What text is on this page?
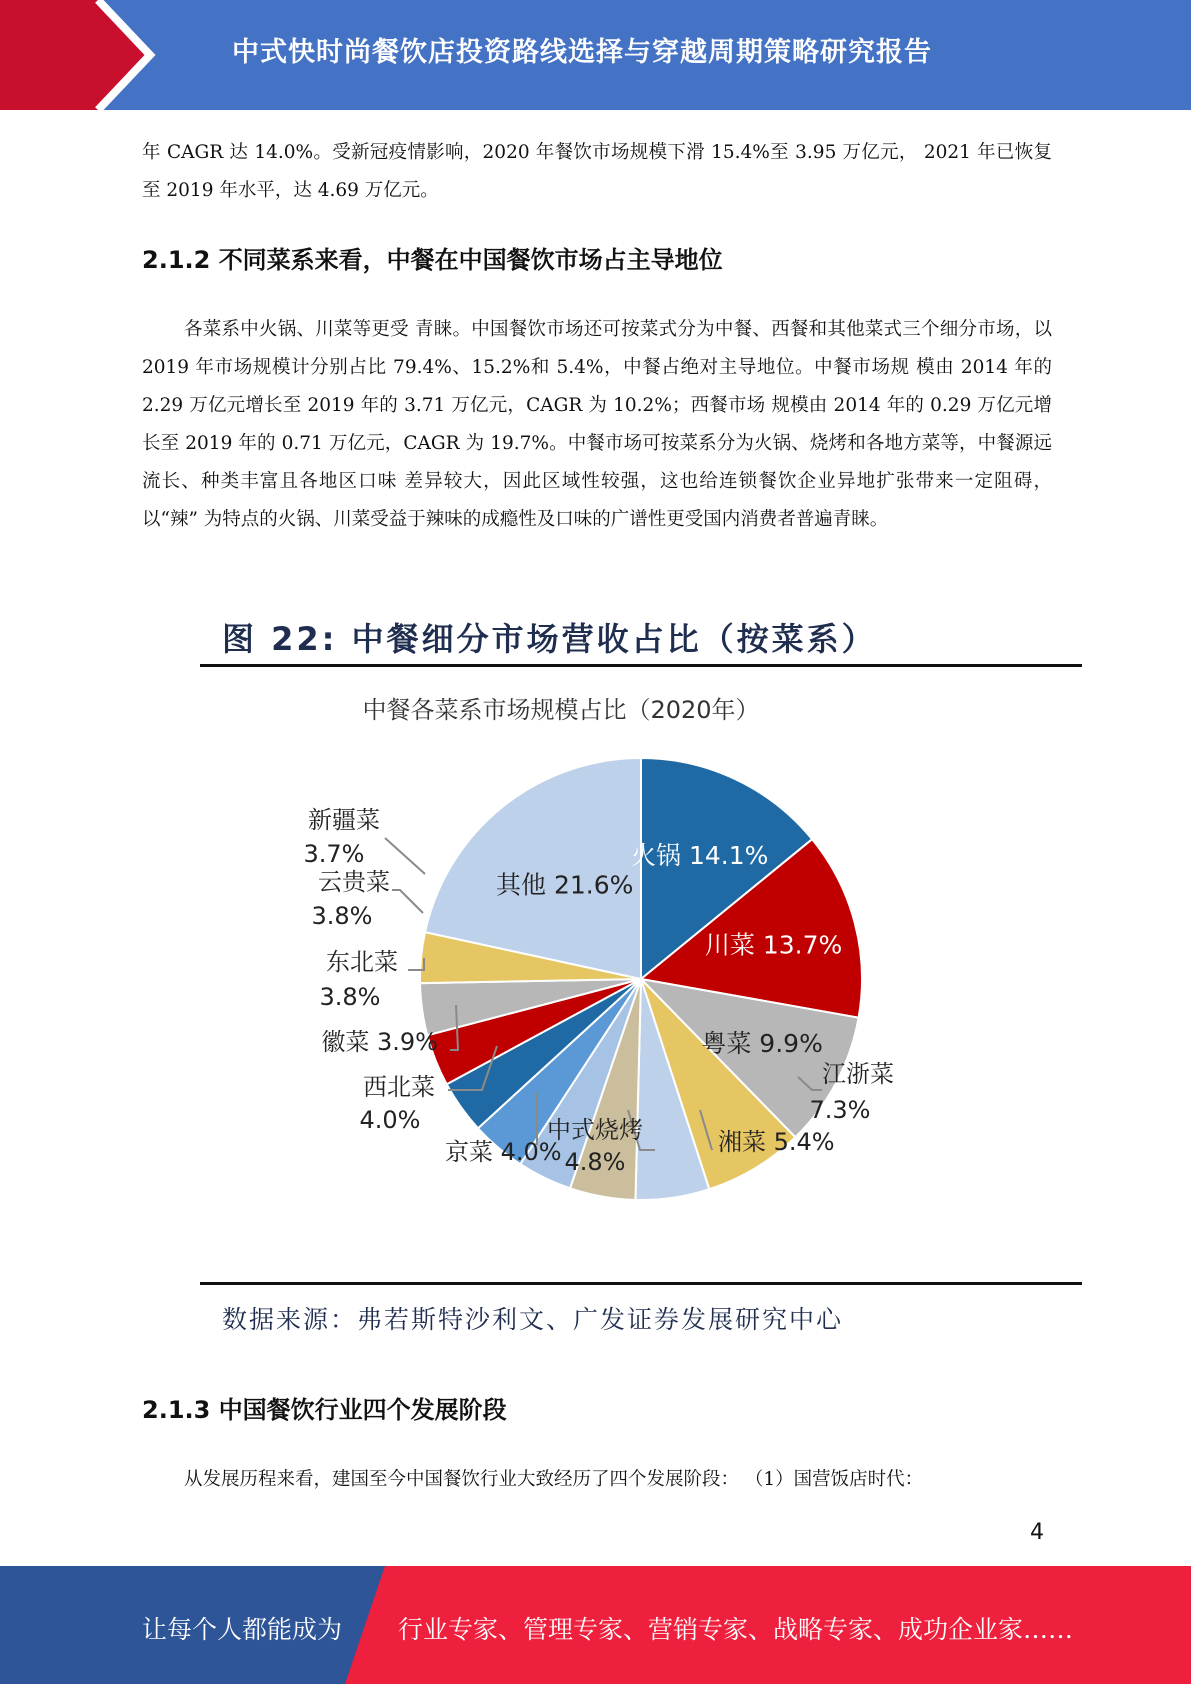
中式快时尚餐饮店投资路线选择与穿越周期策略研究报告

年 CAGR 达 14.0%。受新冠疫情影响，2020 年餐饮市场规模下滑 15.4%至 3.95 万亿元， 2021 年已恢复至 2019 年水平，达 4.69 万亿元。

2.1.2 不同菜系来看，中餐在中国餐饮市场占主导地位

各菜系中火锅、川菜等更受 青睐。中国餐饮市场还可按菜式分为中餐、西餐和其他菜式三个细分市场，以 2019 年市场规模计分别占比 79.4%、15.2%和 5.4%，中餐占绝对主导地位。中餐市场规 模由 2014 年的 2.29 万亿元增长至 2019 年的 3.71 万亿元，CAGR 为 10.2%；西餐市场 规模由 2014 年的 0.29 万亿元增长至 2019 年的 0.71 万亿元，CAGR 为 19.7%。中餐市场可按菜系分为火锅、烧烤和各地方菜等，中餐源远流长、种类丰富且各地区口味 差异较大，因此区域性较强，这也给连锁餐饮企业异地扩张带来一定阻碍，以“辣” 为特点的火锅、川菜受益于辣味的成瘾性及口味的广谱性更受国内消费者普遍青睐。

图 22: 中餐细分市场营收占比（按菜系）
中餐各菜系市场规模占比（2020年）
火锅 14.1%
川菜 13.7%
粤菜 9.9%
江浙菜
7.3%
湘菜 5.4%
中式烧烤
4.8%
京菜 4.0%
西北菜
4.0%
徽菜 3.9%
东北菜
3.8%
云贵菜
3.8%
新疆菜
3.7%
其他 21.6%
数据来源：弗若斯特沙利文、广发证券发展研究中心
2.1.3 中国餐饮行业四个发展阶段

从发展历程来看，建国至今中国餐饮行业大致经历了四个发展阶段： （1）国营饭店时代：

4
让每个人都能成为 行业专家、管理专家、营销专家、战略专家、成功企业家……
